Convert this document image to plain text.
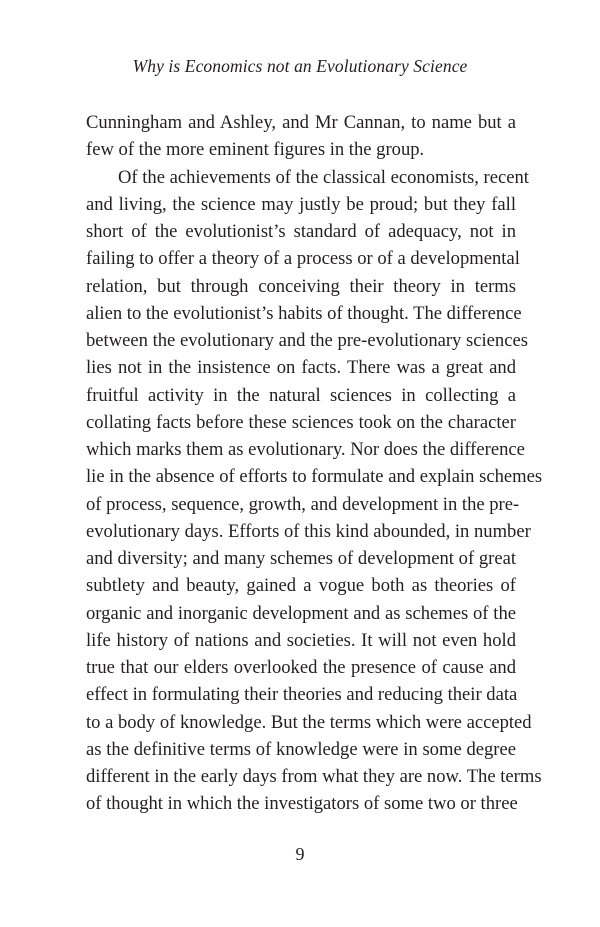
Why is Economics not an Evolutionary Science
Cunningham and Ashley, and Mr Cannan, to name but a
few of the more eminent figures in the group.
Of the achievements of the classical economists, recent
and living, the science may justly be proud; but they fall
short of the evolutionist’s standard of adequacy, not in
failing to offer a theory of a process or of a developmental
relation, but through conceiving their theory in terms
alien to the evolutionist’s habits of thought. The difference
between the evolutionary and the pre-evolutionary sciences
lies not in the insistence on facts. There was a great and
fruitful activity in the natural sciences in collecting a
collating facts before these sciences took on the character
which marks them as evolutionary. Nor does the difference
lie in the absence of efforts to formulate and explain schemes
of process, sequence, growth, and development in the pre-
evolutionary days. Efforts of this kind abounded, in number
and diversity; and many schemes of development of great
subtlety and beauty, gained a vogue both as theories of
organic and inorganic development and as schemes of the
life history of nations and societies. It will not even hold
true that our elders overlooked the presence of cause and
effect in formulating their theories and reducing their data
to a body of knowledge. But the terms which were accepted
as the definitive terms of knowledge were in some degree
different in the early days from what they are now. The terms
of thought in which the investigators of some two or three
9
